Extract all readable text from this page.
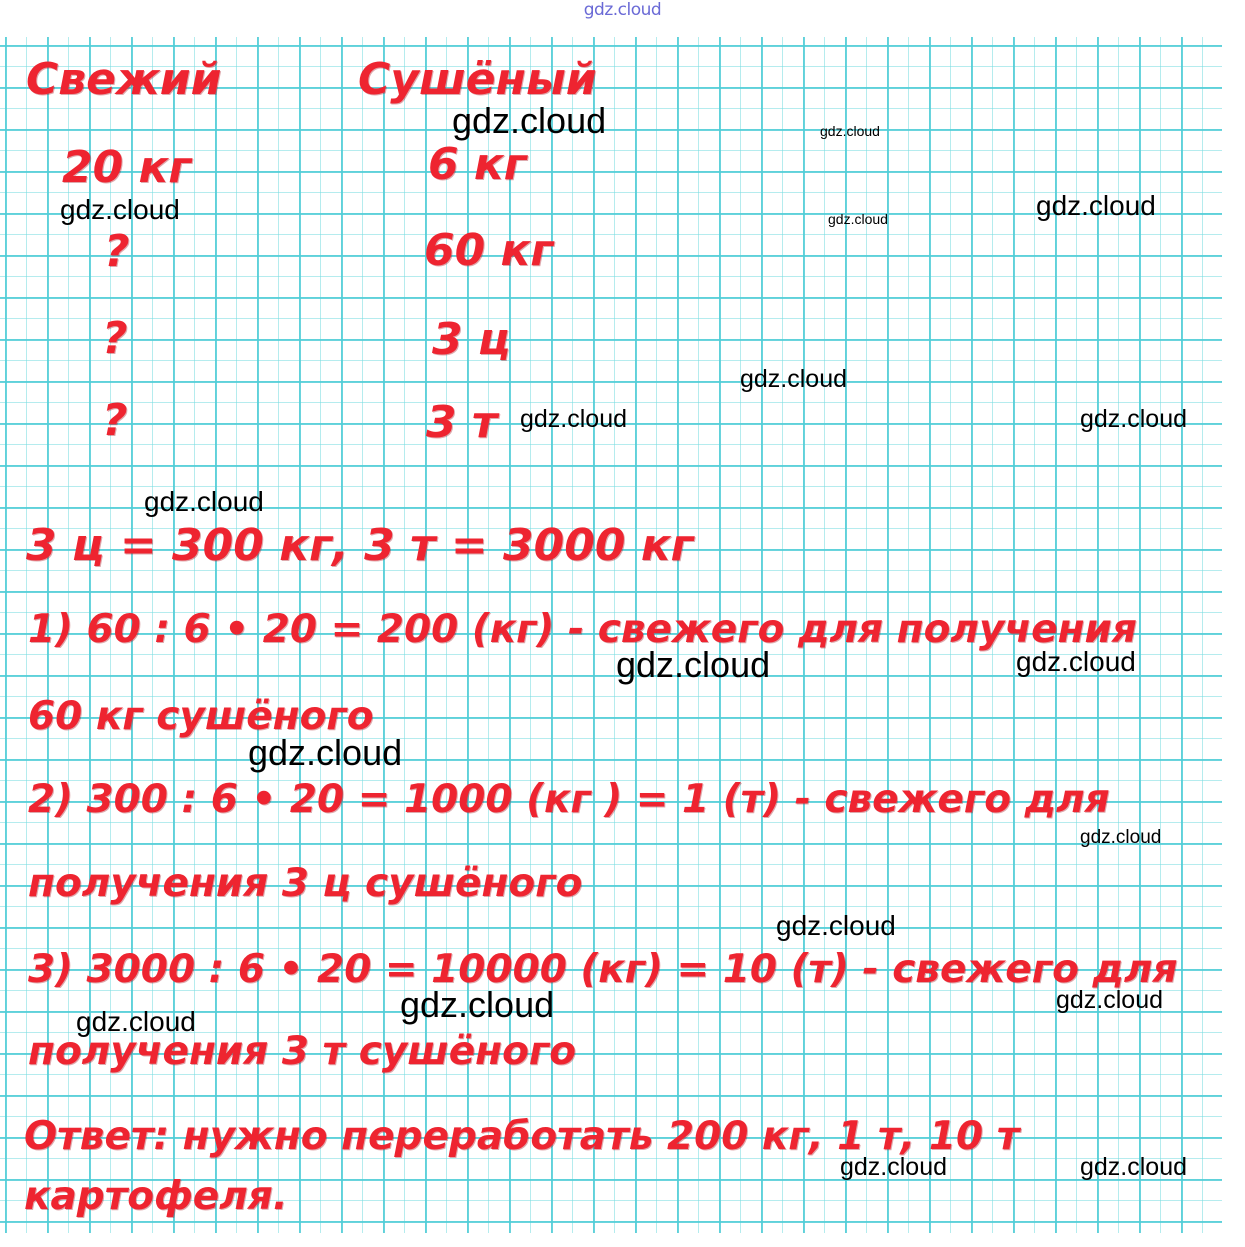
gdz.cloud
Свежий	Сушёный
20 кг	6 кг
?	60 кг
?	3 ц
?	3 т
3 ц = 300 кг, 3 т = 3000 кг
1) 60 : 6 • 20 = 200 (кг) - свежего для получения
60 кг сушёного
2) 300 : 6 • 20 = 1000 (кг ) = 1 (т) - свежего для
получения 3 ц сушёного
3) 3000 : 6 • 20 = 10000 (кг) = 10 (т) - свежего для
получения 3 т сушёного
Ответ: нужно переработать 200 кг, 1 т, 10 т
картофеля.
gdz.cloud	gdz.cloud
gdz.cloud	gdz.cloud	gdz.cloud
gdz.cloud
gdz.cloud	gdz.cloud
gdz.cloud
gdz.cloud	gdz.cloud
gdz.cloud
gdz.cloud
gdz.cloud
gdz.cloud	gdz.cloud
gdz.cloud
gdz.cloud	gdz.cloud
